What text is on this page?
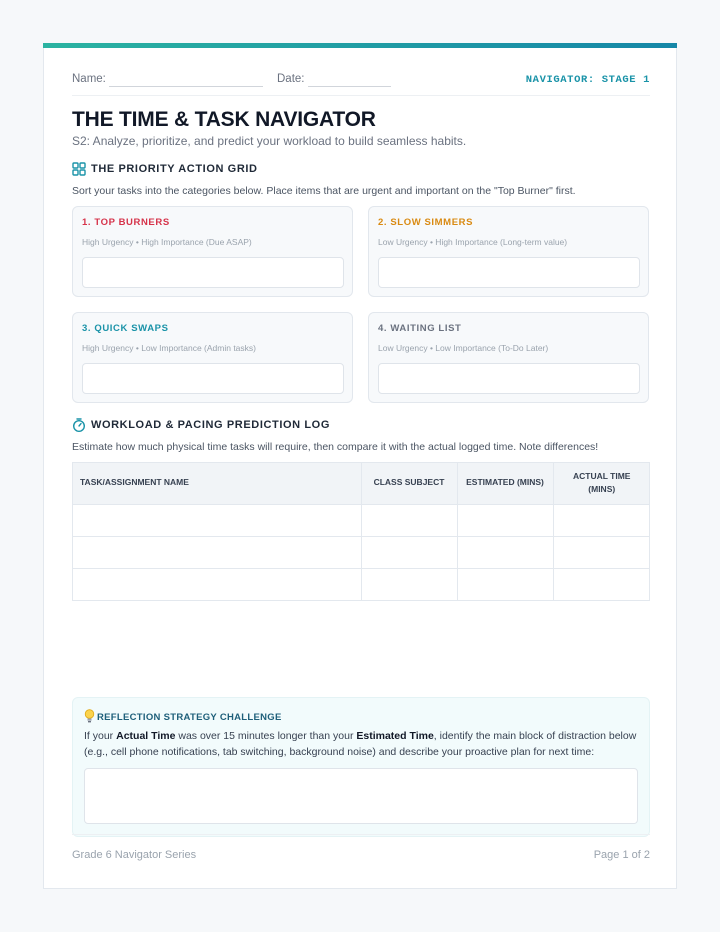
Name:	Date:	NAVIGATOR: STAGE 1
THE TIME & TASK NAVIGATOR
S2: Analyze, prioritize, and predict your workload to build seamless habits.
THE PRIORITY ACTION GRID
Sort your tasks into the categories below. Place items that are urgent and important on the "Top Burner" first.
1. TOP BURNERS
High Urgency • High Importance (Due ASAP)
2. SLOW SIMMERS
Low Urgency • High Importance (Long-term value)
3. QUICK SWAPS
High Urgency • Low Importance (Admin tasks)
4. WAITING LIST
Low Urgency • Low Importance (To-Do Later)
WORKLOAD & PACING PREDICTION LOG
Estimate how much physical time tasks will require, then compare it with the actual logged time. Note differences!
TASK/ASSIGNMENT NAME	CLASS SUBJECT	ESTIMATED (MINS)	ACTUAL TIME (MINS)

REFLECTION STRATEGY CHALLENGE
If your Actual Time was over 15 minutes longer than your Estimated Time, identify the main block of distraction below (e.g., cell phone notifications, tab switching, background noise) and describe your proactive plan for next time:
Grade 6 Navigator Series	Page 1 of 2
